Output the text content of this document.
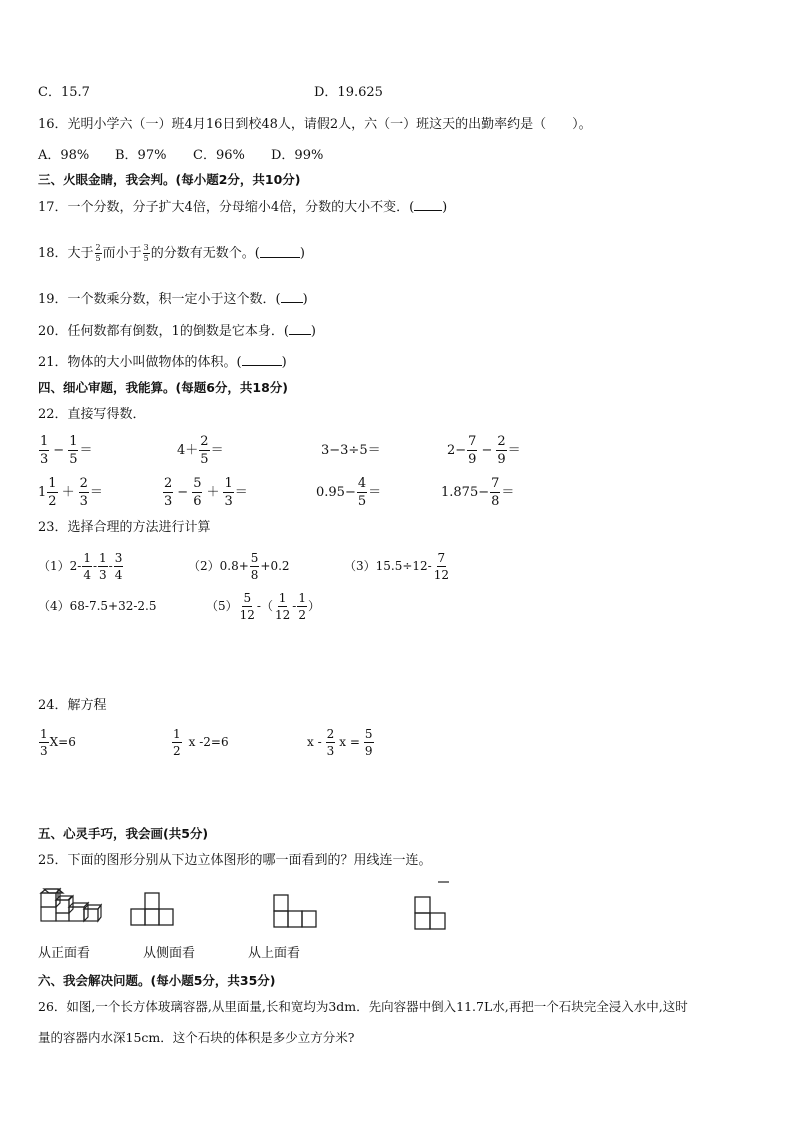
C．15.7	D．19.625
16．光明小学六（一）班4月16日到校48人，请假2人，六（一）班这天的出勤率约是（　　）。
A．98% B．97% C．96% D．99%
三、火眼金睛，我会判。(每小题2分，共10分)
17．一个分数，分子扩大4倍，分母缩小4倍，分数的大小不变．( )
18．大于 $\frac{2}{5}$ 而小于 $\frac{3}{5}$ 的分数有无数个。(	)
19．一个数乘分数，积一定小于这个数．( )
20．任何数都有倒数，1的倒数是它本身．( )
21．物体的大小叫做物体的体积。(	)
四、细心审题，我能算。(每题6分，共18分)
22．直接写得数．
$\frac{1}{3} - \frac{1}{5}$ ＝	$4+ \frac{2}{5}$ ＝	3−3÷5＝	$2- \frac{7}{9} - \frac{2}{9}$ ＝
$1 \frac{1}{2} + \frac{2}{3}$ ＝	$\frac{2}{3} - \frac{5}{6} + \frac{1}{3}$ ＝	$0.95- \frac{4}{5}$ ＝	$1.875- \frac{7}{8}$ ＝
23．选择合理的方法进行计算
$(1)2- \frac{1}{4} - \frac{1}{3} - \frac{3}{4}$	$(2)0.8+ \frac{5}{8} +0.2$	$(3)15.5\div 12- \frac{7}{12}$
（4）68-7.5+32-2.5	$(5) \frac{5}{12}$ -（ $\frac{1}{12} - \frac{1}{2}$ ）
24．解方程
$\frac{1}{3} X=6$	$\frac{1}{2}$ x -2=6	x - $\frac{2}{3}$ $x = \frac{5}{9}$
五、心灵手巧，我会画(共5分)
25．下面的图形分别从下边立体图形的哪一面看到的？用线连一连。
从正面看	从侧面看	从上面看
六、我会解决问题。(每小题5分，共35分)
26．如图,一个长方体玻璃容器,从里面量,长和宽均为3dm．先向容器中倒入11.7L水,再把一个石块完全浸入水中,这时
量的容器内水深15cm．这个石块的体积是多少立方分米?
